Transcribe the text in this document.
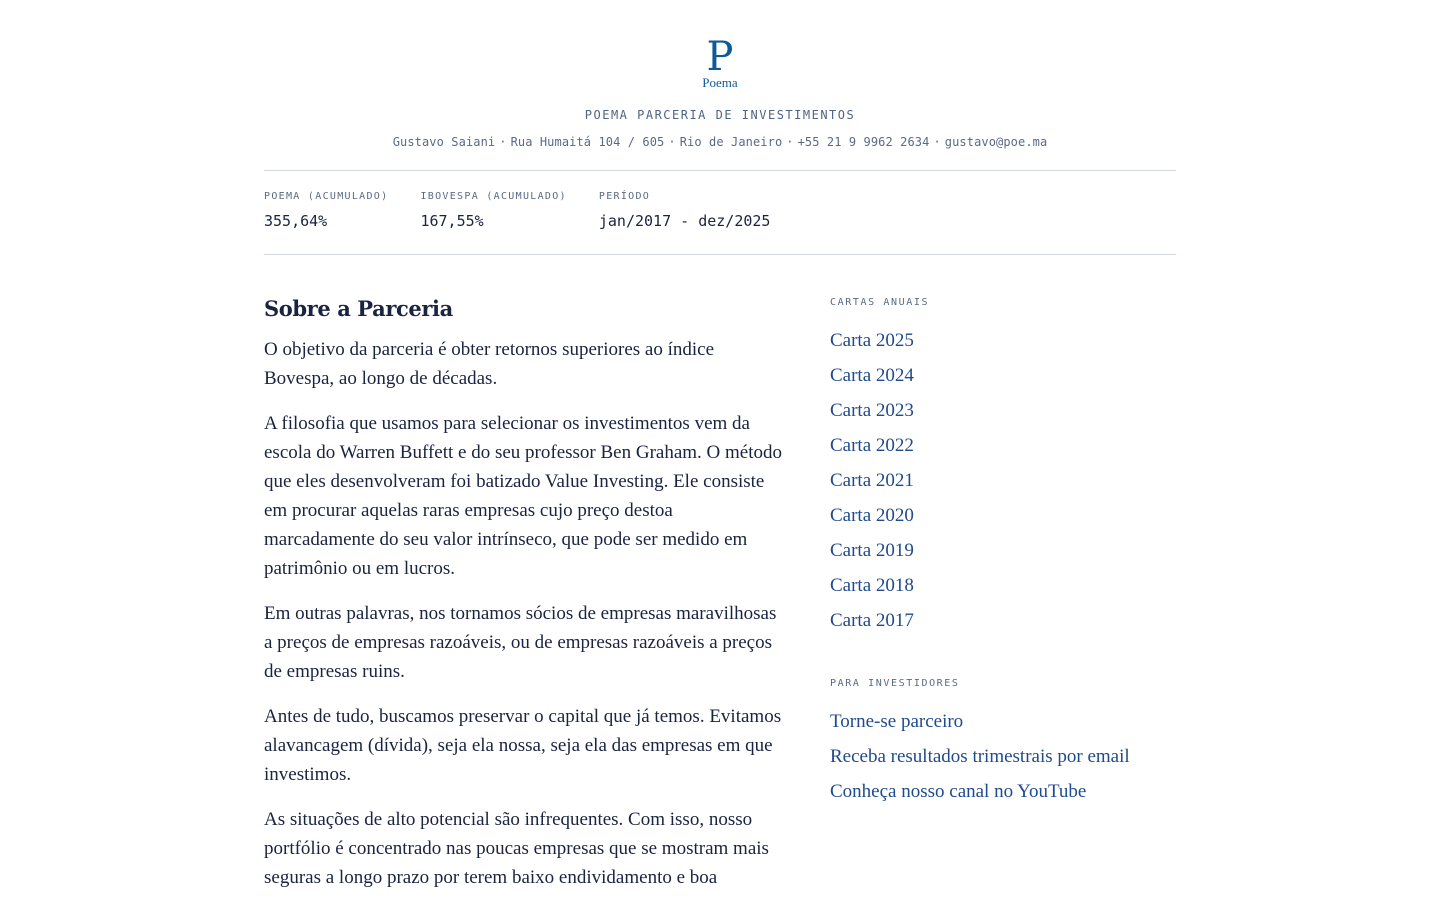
P
Poema
POEMA PARCERIA DE INVESTIMENTOS
Gustavo Saiani · Rua Humaitá 104 / 605 · Rio de Janeiro · +55 21 9 9962 2634 · gustavo@poe.ma
POEMA (ACUMULADO)
355,64%
IBOVESPA (ACUMULADO)
167,55%
PERÍODO
jan/2017 - dez/2025
Sobre a Parceria

O objetivo da parceria é obter retornos superiores ao índice Bovespa, ao longo de décadas.

A filosofia que usamos para selecionar os investimentos vem da escola do Warren Buffett e do seu professor Ben Graham. O método que eles desenvolveram foi batizado Value Investing. Ele consiste em procurar aquelas raras empresas cujo preço destoa marcadamente do seu valor intrínseco, que pode ser medido em patrimônio ou em lucros.

Em outras palavras, nos tornamos sócios de empresas maravilhosas a preços de empresas razoáveis, ou de empresas razoáveis a preços de empresas ruins.

Antes de tudo, buscamos preservar o capital que já temos. Evitamos alavancagem (dívida), seja ela nossa, seja ela das empresas em que investimos.

As situações de alto potencial são infrequentes. Com isso, nosso portfólio é concentrado nas poucas empresas que se mostram mais seguras a longo prazo por terem baixo endividamento e boa

CARTAS ANUAIS
Carta 2025
Carta 2024
Carta 2023
Carta 2022
Carta 2021
Carta 2020
Carta 2019
Carta 2018
Carta 2017
PARA INVESTIDORES
Torne-se parceiro
Receba resultados trimestrais por email
Conheça nosso canal no YouTube
